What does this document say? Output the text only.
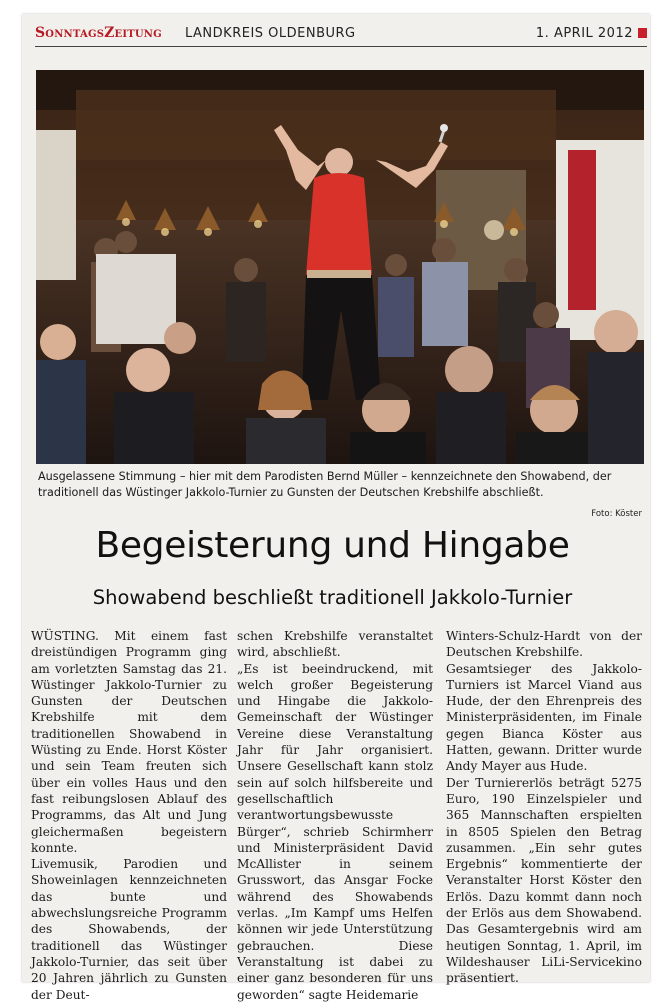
SonntagsZeitung LANDKREIS OLDENBURG	1. APRIL 2012
Ausgelassene Stimmung – hier mit dem Parodisten Bernd Müller – kennzeichnete den Showabend, der traditionell das Wüstinger Jakkolo-Turnier zu Gunsten der Deutschen Krebshilfe abschließt.
Foto: Köster
Begeisterung und Hingabe
Showabend beschließt traditionell Jakkolo-Turnier
WÜSTING. Mit einem fast dreistündigen Programm ging am vorletzten Samstag das 21. Wüstinger Jakkolo-Turnier zu Gunsten der Deutschen Krebshilfe mit dem traditionellen Showabend in Wüsting zu Ende. Horst Köster und sein Team freuten sich über ein volles Haus und den fast reibungslosen Ablauf des Programms, das Alt und Jung gleichermaßen begeistern konnte.
Livemusik, Parodien und Showeinlagen kennzeichneten das bunte und abwechslungsreiche Programm des Showabends, der traditionell das Wüstinger Jakkolo-Turnier, das seit über 20 Jahren jährlich zu Gunsten der Deut-
schen Krebshilfe veranstaltet wird, abschließt.
„Es ist beeindruckend, mit welch großer Begeisterung und Hingabe die Jakkolo-Gemeinschaft der Wüstinger Vereine diese Veranstaltung Jahr für Jahr organisiert. Unsere Gesellschaft kann stolz sein auf solch hilfsbereite und gesellschaftlich verantwortungsbewusste Bürger“, schrieb Schirmherr und Ministerpräsident David McAllister in seinem Grusswort, das Ansgar Focke während des Showabends verlas. „Im Kampf ums Helfen können wir jede Unterstützung gebrauchen. Diese Veranstaltung ist dabei zu einer ganz besonderen für uns geworden“ sagte Heidemarie
Winters-Schulz-Hardt von der Deutschen Krebshilfe.
Gesamtsieger des Jakkolo-Turniers ist Marcel Viand aus Hude, der den Ehrenpreis des Ministerpräsidenten, im Finale gegen Bianca Köster aus Hatten, gewann. Dritter wurde Andy Mayer aus Hude.
Der Turniererlös beträgt 5275 Euro, 190 Einzelspieler und 365 Mannschaften erspielten in 8505 Spielen den Betrag zusammen. „Ein sehr gutes Ergebnis“ kommentierte der Veranstalter Horst Köster den Erlös. Dazu kommt dann noch der Erlös aus dem Showabend. Das Gesamtergebnis wird am heutigen Sonntag, 1. April, im Wildeshauser LiLi-Servicekino präsentiert.
